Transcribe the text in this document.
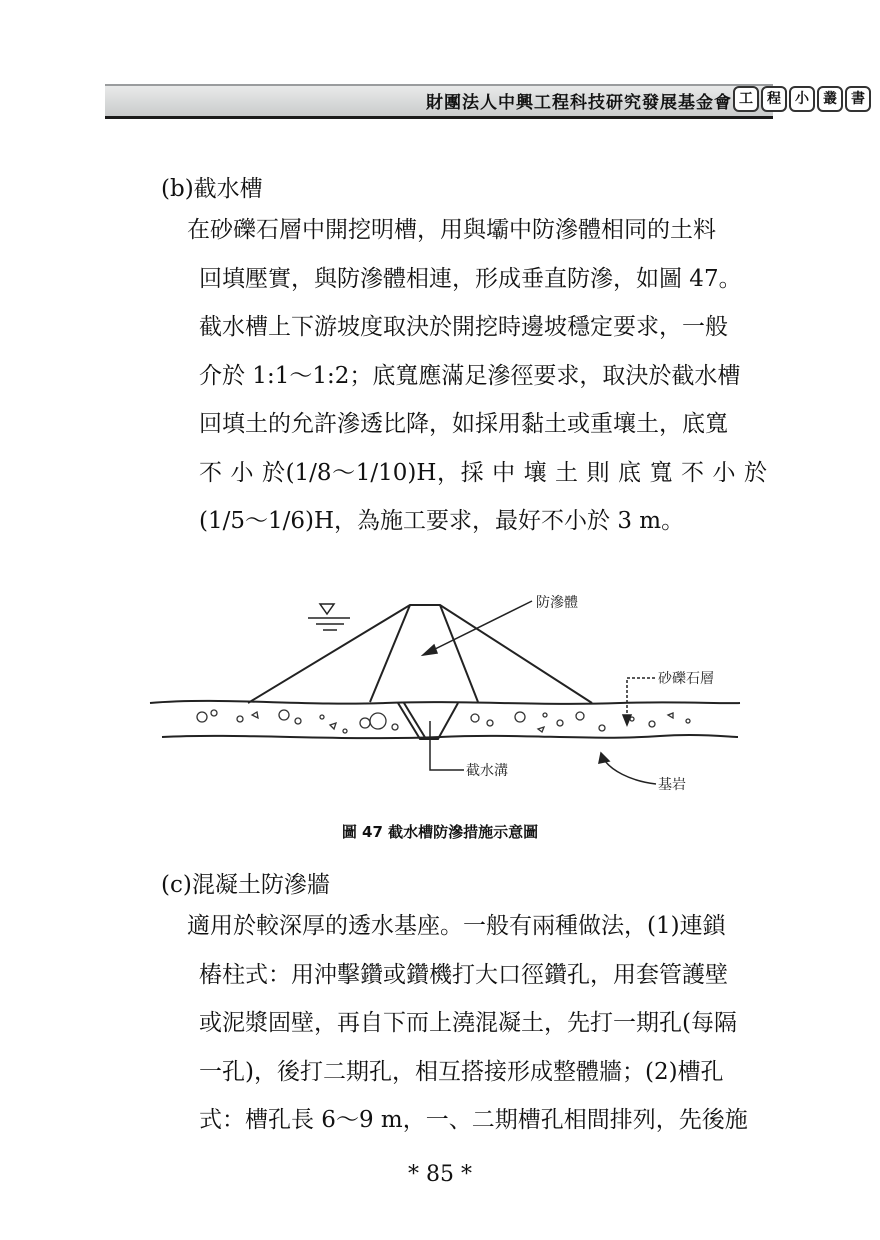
財團法人中興工程科技研究發展基金會 工	程	小	叢	書
(b)截水槽
在砂礫石層中開挖明槽，用與壩中防滲體相同的土料
回填壓實，與防滲體相連，形成垂直防滲，如圖 47。
截水槽上下游坡度取決於開挖時邊坡穩定要求，一般
介於 1:1～1:2；底寬應滿足滲徑要求，取決於截水槽
回填土的允許滲透比降，如採用黏土或重壤土，底寬
不 小 於(1/8～1/10)H，採 中 壤 土 則 底 寬 不 小 於
(1/5～1/6)H，為施工要求，最好不小於 3 m。
防滲體
砂礫石層
截水溝
基岩
圖 47 截水槽防滲措施示意圖
(c)混凝土防滲牆
適用於較深厚的透水基座。一般有兩種做法，(1)連鎖
樁柱式：用沖擊鑽或鑽機打大口徑鑽孔，用套管護壁
或泥漿固壁，再自下而上澆混凝土，先打一期孔(每隔
一孔)，後打二期孔，相互搭接形成整體牆；(2)槽孔
式：槽孔長 6～9 m，一、二期槽孔相間排列，先後施
* 85 *
